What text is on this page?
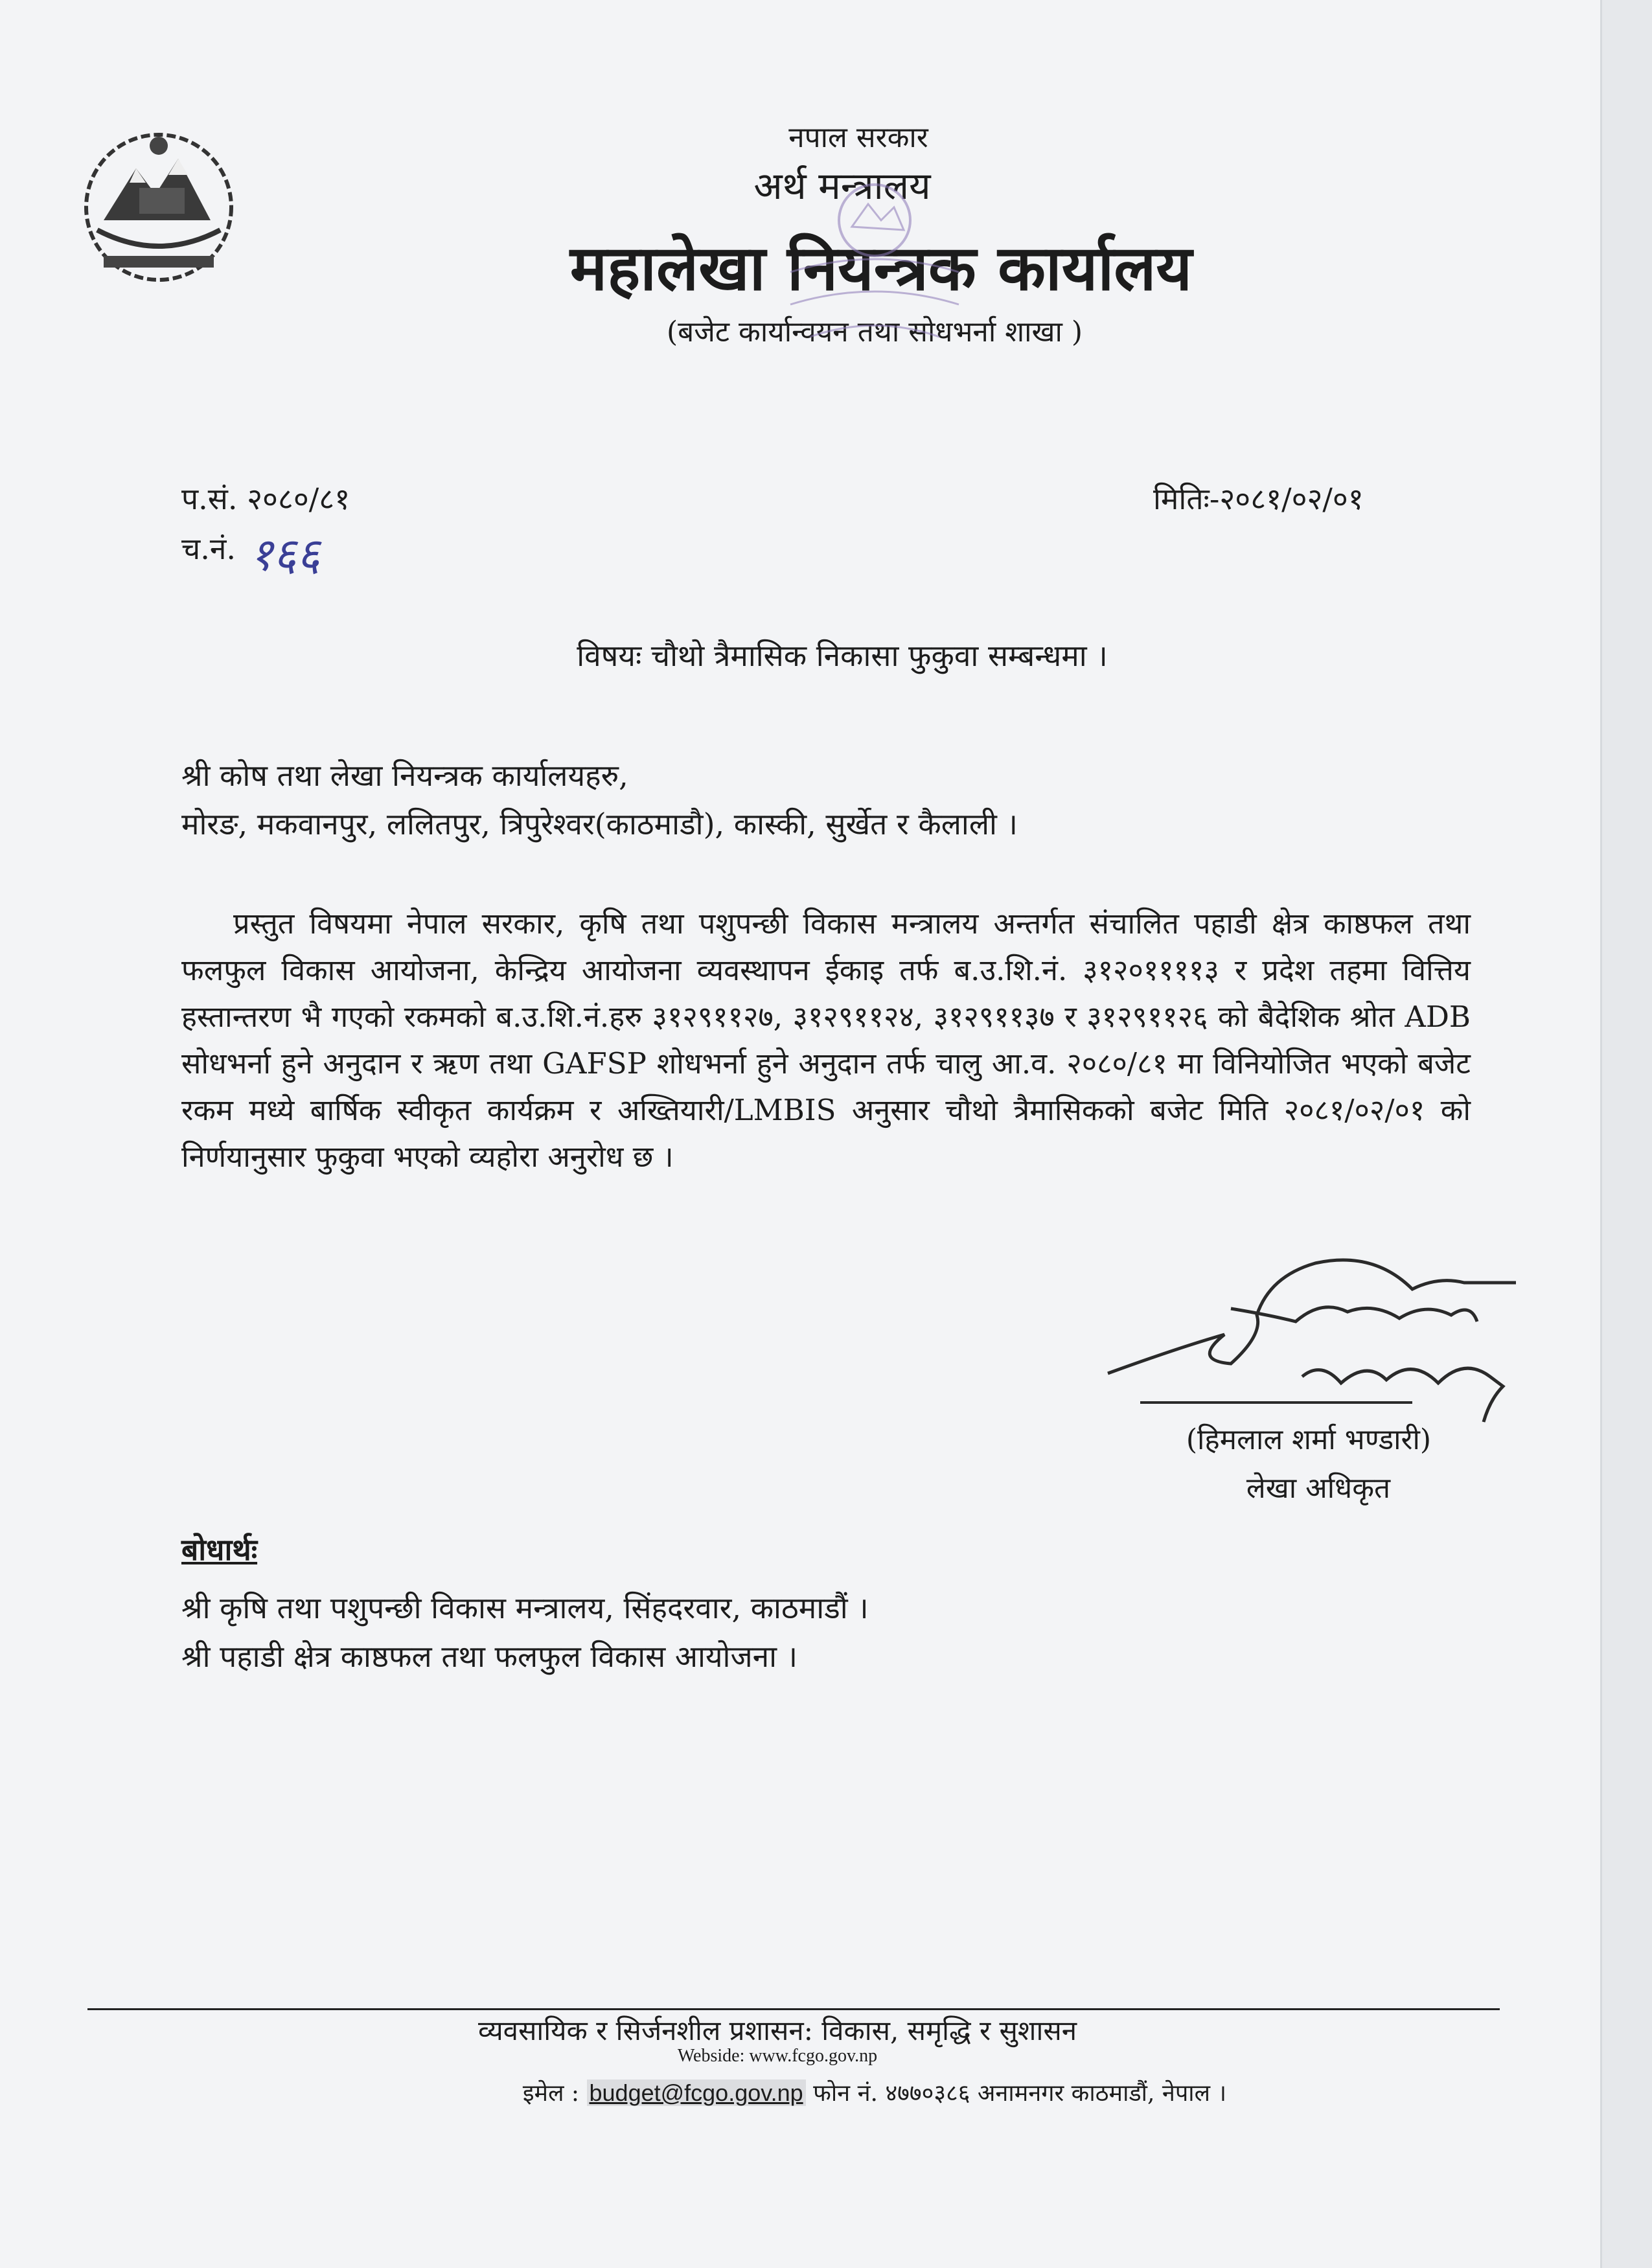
नपाल सरकार
अर्थ मन्त्रालय
महालेखा नियन्त्रक कार्यालय
(बजेट कार्यान्वयन तथा सोधभर्ना शाखा )
प.सं. २०८०/८१
च.नं. १६६
मितिः-२०८१/०२/०१
विषयः चौथो त्रैमासिक निकासा फुकुवा सम्बन्धमा ।
श्री कोष तथा लेखा नियन्त्रक कार्यालयहरु,
मोरङ, मकवानपुर, ललितपुर, त्रिपुरेश्वर(काठमाडौ), कास्की, सुर्खेत र कैलाली ।
प्रस्तुत विषयमा नेपाल सरकार, कृषि तथा पशुपन्छी विकास मन्त्रालय अन्तर्गत संचालित पहाडी क्षेत्र काष्ठफल तथा फलफुल विकास आयोजना, केन्द्रिय आयोजना व्यवस्थापन ईकाइ तर्फ ब.उ.शि.नं. ३१२०११११३ र प्रदेश तहमा वित्तिय हस्तान्तरण भै गएको रकमको ब.उ.शि.नं.हरु ३१२९११२७, ३१२९११२४, ३१२९११३७ र ३१२९११२६ को बैदेशिक श्रोत ADB सोधभर्ना हुने अनुदान र ऋण तथा GAFSP शोधभर्ना हुने अनुदान तर्फ चालु आ.व. २०८०/८१ मा विनियोजित भएको बजेट रकम मध्ये बार्षिक स्वीकृत कार्यक्रम र अख्तियारी/LMBIS अनुसार चौथो त्रैमासिकको बजेट मिति २०८१/०२/०१ को निर्णयानुसार फुकुवा भएको व्यहोरा अनुरोध छ ।
(हिमलाल शर्मा भण्डारी)
लेखा अधिकृत
बोधार्थः
श्री कृषि तथा पशुपन्छी विकास मन्त्रालय, सिंहदरवार, काठमाडौं ।
श्री पहाडी क्षेत्र काष्ठफल तथा फलफुल विकास आयोजना ।
व्यवसायिक र सिर्जनशील प्रशासन: विकास, समृद्धि र सुशासन
Webside: www.fcgo.gov.np
इमेल : budget@fcgo.gov.np फोन नं. ४७७०३८६ अनामनगर काठमाडौं, नेपाल ।
